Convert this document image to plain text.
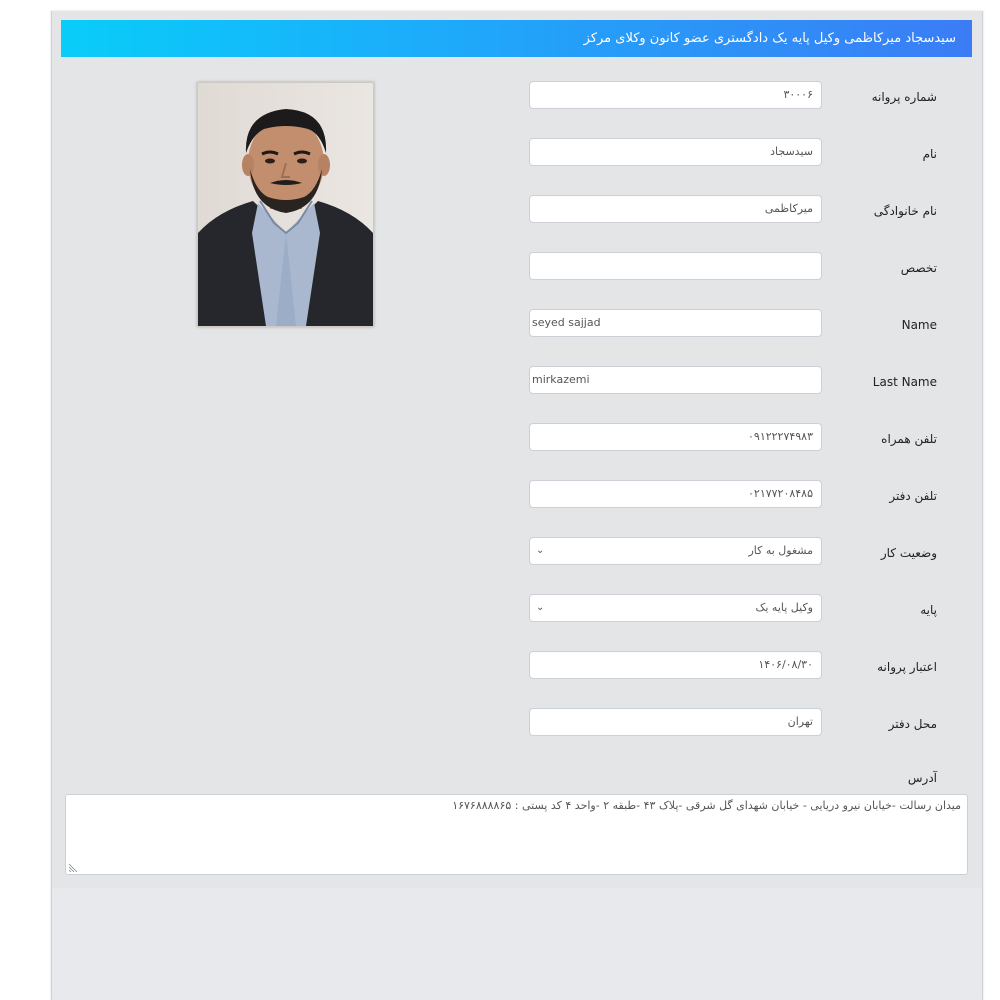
سیدسجاد میرکاظمی وکیل پایه یک دادگستری عضو کانون وکلای مرکز
شماره پروانه
۳۰۰۰۶
نام
سیدسجاد
نام خانوادگی
میرکاظمی
تخصص
Name
seyed sajjad
Last Name
mirkazemi
تلفن همراه
۰۹۱۲۲۲۷۴۹۸۳
تلفن دفتر
۰۲۱۷۷۲۰۸۴۸۵
وضعیت کار
⌄	مشغول به کار
پایه
⌄	وکیل پایه یک
اعتبار پروانه
۱۴۰۶/۰۸/۳۰
محل دفتر
تهران
آدرس
میدان رسالت -خیابان نیرو دریایی - خیابان شهدای گل شرقی -پلاک ۴۳ -طبقه ۲ -واحد ۴ کد پستی : ۱۶۷۶۸۸۸۸۶۵
